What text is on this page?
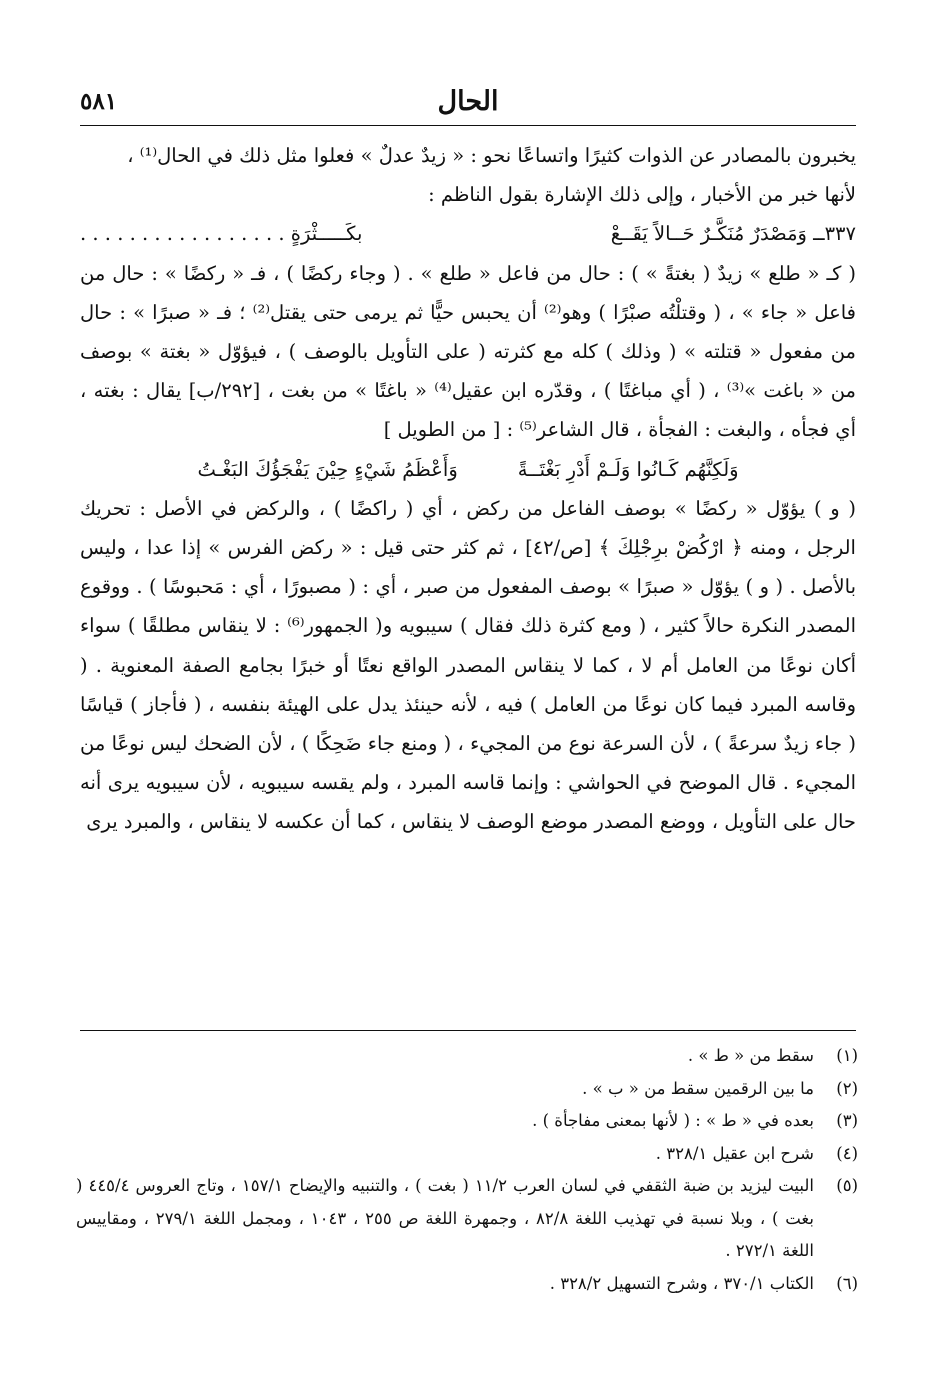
الحال
٥٨١

يخبرون بالمصادر عن الذوات كثيرًا واتساعًا نحو : « زيدٌ عدلٌ » فعلوا مثل ذلك في الحال⁽¹⁾ ،

لأنها خبر من الأخبار ، وإلى ذلك الإشارة بقول الناظم :

٣٣٧ــ وَمَصْدَرٌ مُنَكَّـرٌ حَــالاً يَقَــعْ
بكَـــــثْرَةٍ . . . . . . . . . . . . . . . . .

( كـ « طلع » زيدٌ ( بغتةً » ) : حال من فاعل « طلع » . ( وجاء ركضًا ) ، فـ « ركضًا » : حال من فاعل « جاء » ، ( وقتلْتُه صبْرًا ) وهو⁽²⁾ أن يحبس حيًّا ثم يرمى حتى يقتل⁽²⁾ ؛ فـ « صبرًا » : حال من مفعول « قتلته » ( وذلك ) كله مع كثرته ( على التأويل بالوصف ) ، فيؤوّل « بغتة » بوصف من « باغت »⁽³⁾ ، ( أي مباغتًا ) ، وقدّره ابن عقيل⁽⁴⁾ « باغتًا » من بغت ، [٢٩٢/ب] يقال : بغته ، أي فجأه ، والبغت : الفجأة ، قال الشاعر⁽⁵⁾ : [ من الطويل ]

وَلَكِنَّهُم كَـانُوا وَلَـمْ أَدْرِ بَغْتَــةً
وَأَعْظَمُ شَيْءٍ حِيْنَ يَفْجَؤُكَ البَغْـتُ

( و ) يؤوّل « ركضًا » بوصف الفاعل من ركض ، أي ( راكضًا ) ، والركض في الأصل : تحريك الرجل ، ومنه ﴿ ارْكُضْ برِجْلِكَ ﴾ [ص/٤٢] ، ثم كثر حتى قيل : « ركض الفرس » إذا عدا ، وليس بالأصل . ( و ) يؤوّل « صبرًا » بوصف المفعول من صبر ، أي : ( مصبورًا ، أي : مَحبوسًا ) . ووقوع المصدر النكرة حالاً كثير ، ( ومع كثرة ذلك فقال ) سيبويه و( الجمهور⁽⁶⁾ : لا ينقاس مطلقًا ) سواء أكان نوعًا من العامل أم لا ، كما لا ينقاس المصدر الواقع نعتًا أو خبرًا بجامع الصفة المعنوية . ( وقاسه المبرد فيما كان نوعًا من العامل ) فيه ، لأنه حينئذ يدل على الهيئة بنفسه ، ( فأجاز ) قياسًا ( جاء زيدٌ سرعةً ) ، لأن السرعة نوع من المجيء ، ( ومنع جاء ضَحِكًا ) ، لأن الضحك ليس نوعًا من المجيء . قال الموضح في الحواشي : وإنما قاسه المبرد ، ولم يقسه سيبويه ، لأن سيبويه يرى أنه حال على التأويل ، ووضع المصدر موضع الوصف لا ينقاس ، كما أن عكسه لا ينقاس ، والمبرد يرى

(١)
سقط من « ط » .
(٢)
ما بين الرقمين سقط من « ب » .
(٣)
بعده في « ط » : ( لأنها بمعنى مفاجأة ) .
(٤)
شرح ابن عقيل ٣٢٨/١ .
(٥)
البيت ليزيد بن ضبة الثقفي في لسان العرب ١١/٢ ( بغت ) ، والتنبيه والإيضاح ١٥٧/١ ، وتاج العروس ٤٤٥/٤ ( بغت ) ، وبلا نسبة في تهذيب اللغة ٨٢/٨ ، وجمهرة اللغة ص ٢٥٥ ، ١٠٤٣ ، ومجمل اللغة ٢٧٩/١ ، ومقاييس اللغة ٢٧٢/١ .
(٦)
الكتاب ٣٧٠/١ ، وشرح التسهيل ٣٢٨/٢ .
